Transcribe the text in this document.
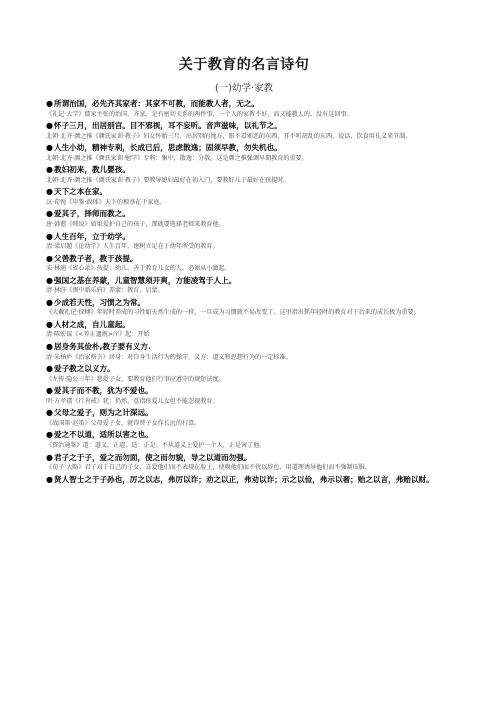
关于教育的名言诗句
(一)幼学·家教

●所谓治国，必先齐其家者：其家不可教，而能教人者，无之。

《礼记·大学》儒家主张的治国、齐家、是有密切关系的两件事，一个人的家教不好，而又能教人的，没有这回事。

●怀子三月，出居别宫。目不邪视，耳不妄听。音声滋味，以礼节之。

北朝·北齐·颜之推《颜氏家训·教子》妇女怀胎三月，出居别的地方，眼不看邪恶的东西，耳不听胡乱的东西，说话、饮食用礼义来节制。

●人生小幼，精神专利，长成已后，思虑散逸；固须早教，勿失机也。

北朝·北齐·颜之推《颜氏家训·勉学》专利：集中，散逸：分散。这是颜之推强调早期教育的重要。

●教妇初来，教儿婴孩。

北朝·北齐·颜之推《颜氏家训·教子》要教导媳妇最好在初入门，要教好儿子最好在孩提时。

●天下之本在家。

汉·荀悦《申鉴·政体》天下的根基在于家庭。

●爱其子，择师而教之。

唐·韩愈《师说》如果爱护自己的孩子，那就要选择老师来教育他。

●人生百年，立于幼学。

清·梁启超《论幼学》人生百年，建树立足在于幼年所受的教育。

●父善教子者，教于孩提。

宋·林逋《省心录》孩提：幼儿。善于教育儿女的人，必须从小做起。

●强国之基在养蒙，儿童智慧须开爽，方能凌驾于人上。

清·林纾《闽中新乐府》养蒙：教育、启蒙。

●少成若天性，习惯之为常。

《大戴礼记·保傅》年轻时养成的习性如天然生成的一样，一旦成为习惯就不易改变了。这里指出抓年轻时的教育对于后来的成长极为重要。

●人材之成，自儿童起。

清·陈宏谋《<养正遗规>序》起：开始

●居身务其俭朴,教子要有义方.

清·朱柏庐《治家格言》居身：对自身生活行为的操守。义方：道义和思想行为的一定标准。

●爱子教之以义方。

《左传·隐公三年》慈爱子女，要教育他们行事应遵守的规矩法度。

●爱其子而不教，犹为不爱也。

明·方孝孺《行善戒》犹：仍然。意指疼爱儿女但不能忽视教育。

●父母之爱子，则为之计深远。

《战国策·赵策》父母爱子女，就得替子女作长远的打算。

●爱之不以道，适所以害之也。

《资治通鉴》道：道义，正道。适：正是。不从道义上爱护一个人，正是害了他。

●君子之于子，爱之而勿面，使之而勿貌，导之以道而勿强。

《荀子·大略》君子对于自己的子女，喜爱他们而不表现在脸上，使唤他们而不忧以辞色，用道理诱导他们而不强制压服。

●贤人智士之于子孙也，厉之以志，弗厉以诈；劝之以正，弗劝以诈；示之以俭，弗示以奢；贻之以言，弗贻以财。
